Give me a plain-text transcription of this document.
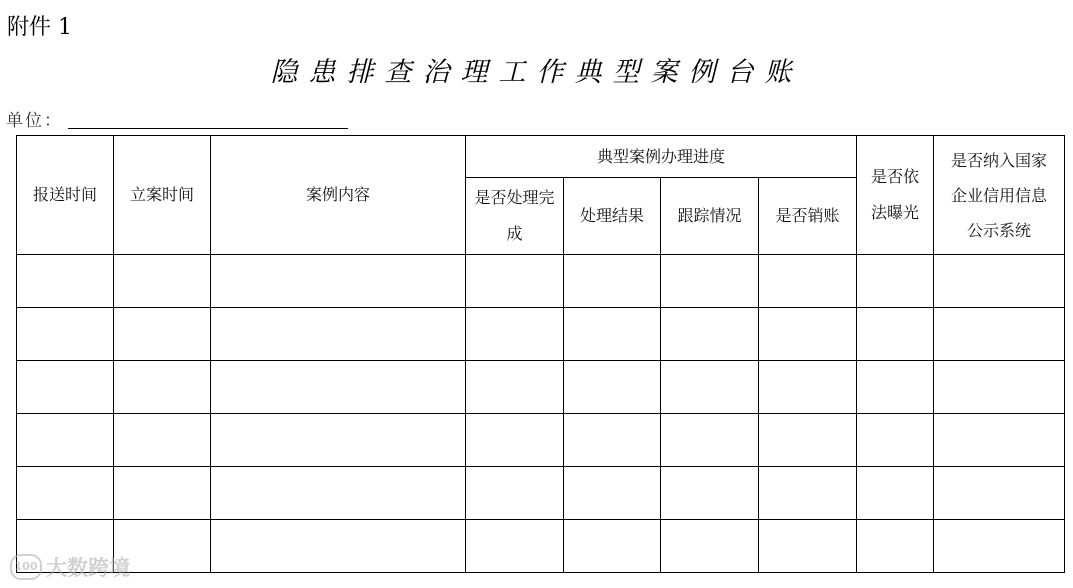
附件 1
隐患排查治理工作典型案例台账
单位：
报送时间	立案时间	案例内容	典型案例办理进度				是否依法曝光	是否纳入国家企业信用信息公示系统
			是否处理完成	处理结果	跟踪情况	是否销账		

100 大数跨境
